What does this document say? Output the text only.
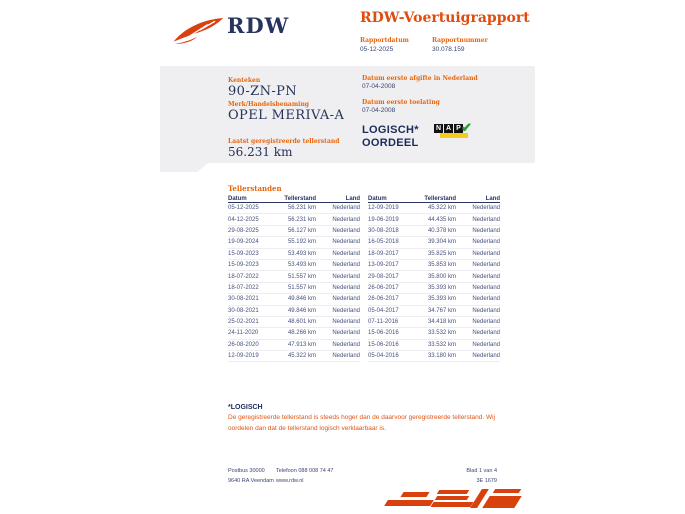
RDW	RDW-Voertuigrapport
Rapportdatum
05-12-2025
Rapportnummer
30.078.159
Kenteken
90-ZN-PN
Merk/Handelsbenaming
OPEL MERIVA-A
Laatst geregistreerde tellerstand
56.231 km
Datum eerste afgifte in Nederland
07-04-2008
Datum eerste toelating
07-04-2008
LOGISCH*
OORDEEL
N A P ✔
Tellerstanden
Datum	Tellerstand	Land
05-12-2025	56.231 km	Nederland
04-12-2025	56.231 km	Nederland
29-08-2025	56.127 km	Nederland
19-09-2024	55.192 km	Nederland
15-09-2023	53.493 km	Nederland
15-09-2023	53.493 km	Nederland
18-07-2022	51.557 km	Nederland
18-07-2022	51.557 km	Nederland
30-08-2021	49.846 km	Nederland
30-08-2021	49.846 km	Nederland
25-02-2021	48.601 km	Nederland
24-11-2020	48.266 km	Nederland
26-08-2020	47.913 km	Nederland
12-09-2019	45.322 km	Nederland
Datum	Tellerstand	Land
12-09-2019	45.322 km	Nederland
19-06-2019	44.435 km	Nederland
30-08-2018	40.378 km	Nederland
16-05-2018	39.304 km	Nederland
18-09-2017	35.825 km	Nederland
13-09-2017	35.853 km	Nederland
29-08-2017	35.800 km	Nederland
26-06-2017	35.393 km	Nederland
26-06-2017	35.393 km	Nederland
05-04-2017	34.767 km	Nederland
07-11-2016	34.418 km	Nederland
15-06-2016	33.532 km	Nederland
15-06-2016	33.532 km	Nederland
05-04-2016	33.180 km	Nederland
*LOGISCH
De geregistreerde tellerstand is steeds hoger dan de daarvoor geregistreerde tellerstand. Wij oordelen dan dat de tellerstand logisch verklaarbaar is.
Postbus 30000
9640 RA Veendam
Telefoon 088 008 74 47
www.rdw.nl
Blad 1 van 4
3E 1679
